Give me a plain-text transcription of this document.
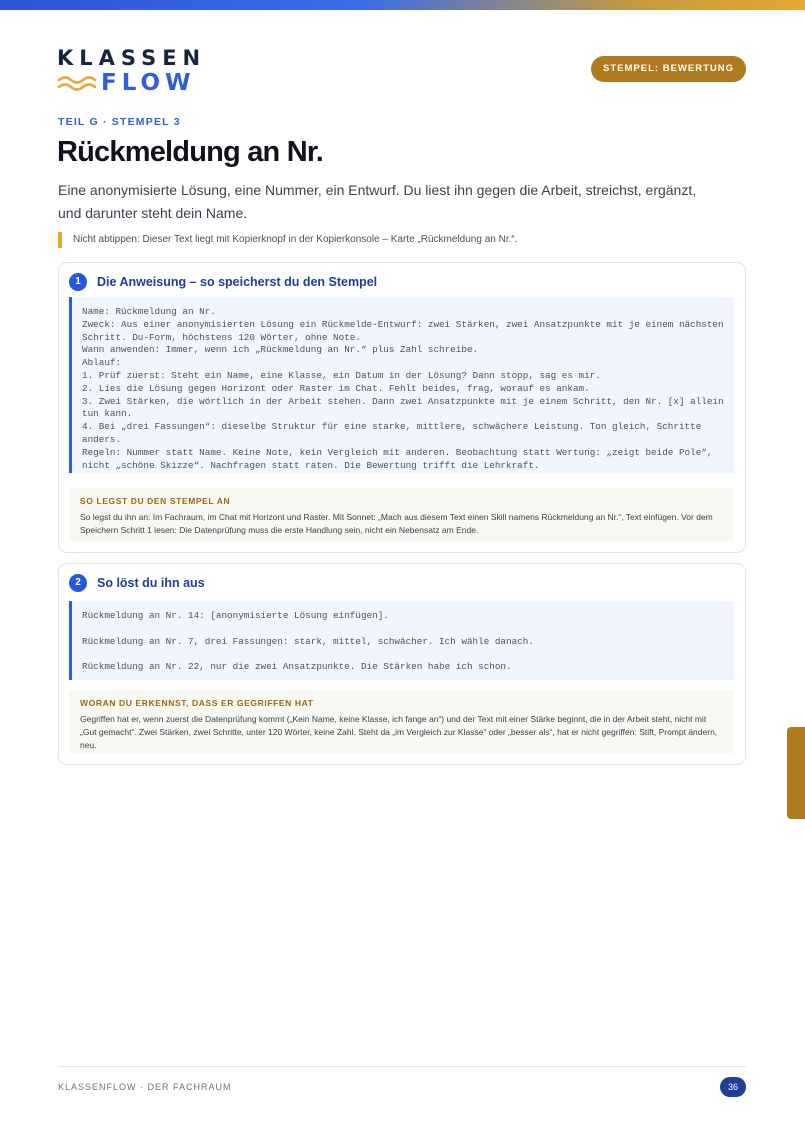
KLASSEN
FLOW
STEMPEL: BEWERTUNG
TEIL G · STEMPEL 3
Rückmeldung an Nr.

Eine anonymisierte Lösung, eine Nummer, ein Entwurf. Du liest ihn gegen die Arbeit, streichst, ergänzt, und darunter steht dein Name.

Nicht abtippen: Dieser Text liegt mit Kopierknopf in der Kopierkonsole – Karte „Rückmeldung an Nr.“.
1	Die Anweisung – so speicherst du den Stempel
Name: Rückmeldung an Nr.
Zweck: Aus einer anonymisierten Lösung ein Rückmelde-Entwurf: zwei Stärken, zwei Ansatzpunkte mit je einem nächsten Schritt. Du-Form, höchstens 120 Wörter, ohne Note.
Wann anwenden: Immer, wenn ich „Rückmeldung an Nr.“ plus Zahl schreibe.
Ablauf:
1. Prüf zuerst: Steht ein Name, eine Klasse, ein Datum in der Lösung? Dann stopp, sag es mir.
2. Lies die Lösung gegen Horizont oder Raster im Chat. Fehlt beides, frag, worauf es ankam.
3. Zwei Stärken, die wörtlich in der Arbeit stehen. Dann zwei Ansatzpunkte mit je einem Schritt, den Nr. [x] allein tun kann.
4. Bei „drei Fassungen“: dieselbe Struktur für eine starke, mittlere, schwächere Leistung. Ton gleich, Schritte anders.
Regeln: Nummer statt Name. Keine Note, kein Vergleich mit anderen. Beobachtung statt Wertung: „zeigt beide Pole“, nicht „schöne Skizze“. Nachfragen statt raten. Die Bewertung trifft die Lehrkraft.
SO LEGST DU DEN STEMPEL AN
So legst du ihn an: Im Fachraum, im Chat mit Horizont und Raster. Mit Sonnet: „Mach aus diesem Text einen Skill namens Rückmeldung an Nr.“, Text einfügen. Vor dem Speichern Schritt 1 lesen: Die Datenprüfung muss die erste Handlung sein, nicht ein Nebensatz am Ende.
2	So löst du ihn aus
Rückmeldung an Nr. 14: [anonymisierte Lösung einfügen].
Rückmeldung an Nr. 7, drei Fassungen: stark, mittel, schwächer. Ich wähle danach.
Rückmeldung an Nr. 22, nur die zwei Ansatzpunkte. Die Stärken habe ich schon.
WORAN DU ERKENNST, DASS ER GEGRIFFEN HAT
Gegriffen hat er, wenn zuerst die Datenprüfung kommt („Kein Name, keine Klasse, ich fange an“) und der Text mit einer Stärke beginnt, die in der Arbeit steht, nicht mit „Gut gemacht“. Zwei Stärken, zwei Schritte, unter 120 Wörter, keine Zahl. Steht da „im Vergleich zur Klasse“ oder „besser als“, hat er nicht gegriffen: Stift, Prompt ändern, neu.
KLASSENFLOW · DER FACHRAUM	36
